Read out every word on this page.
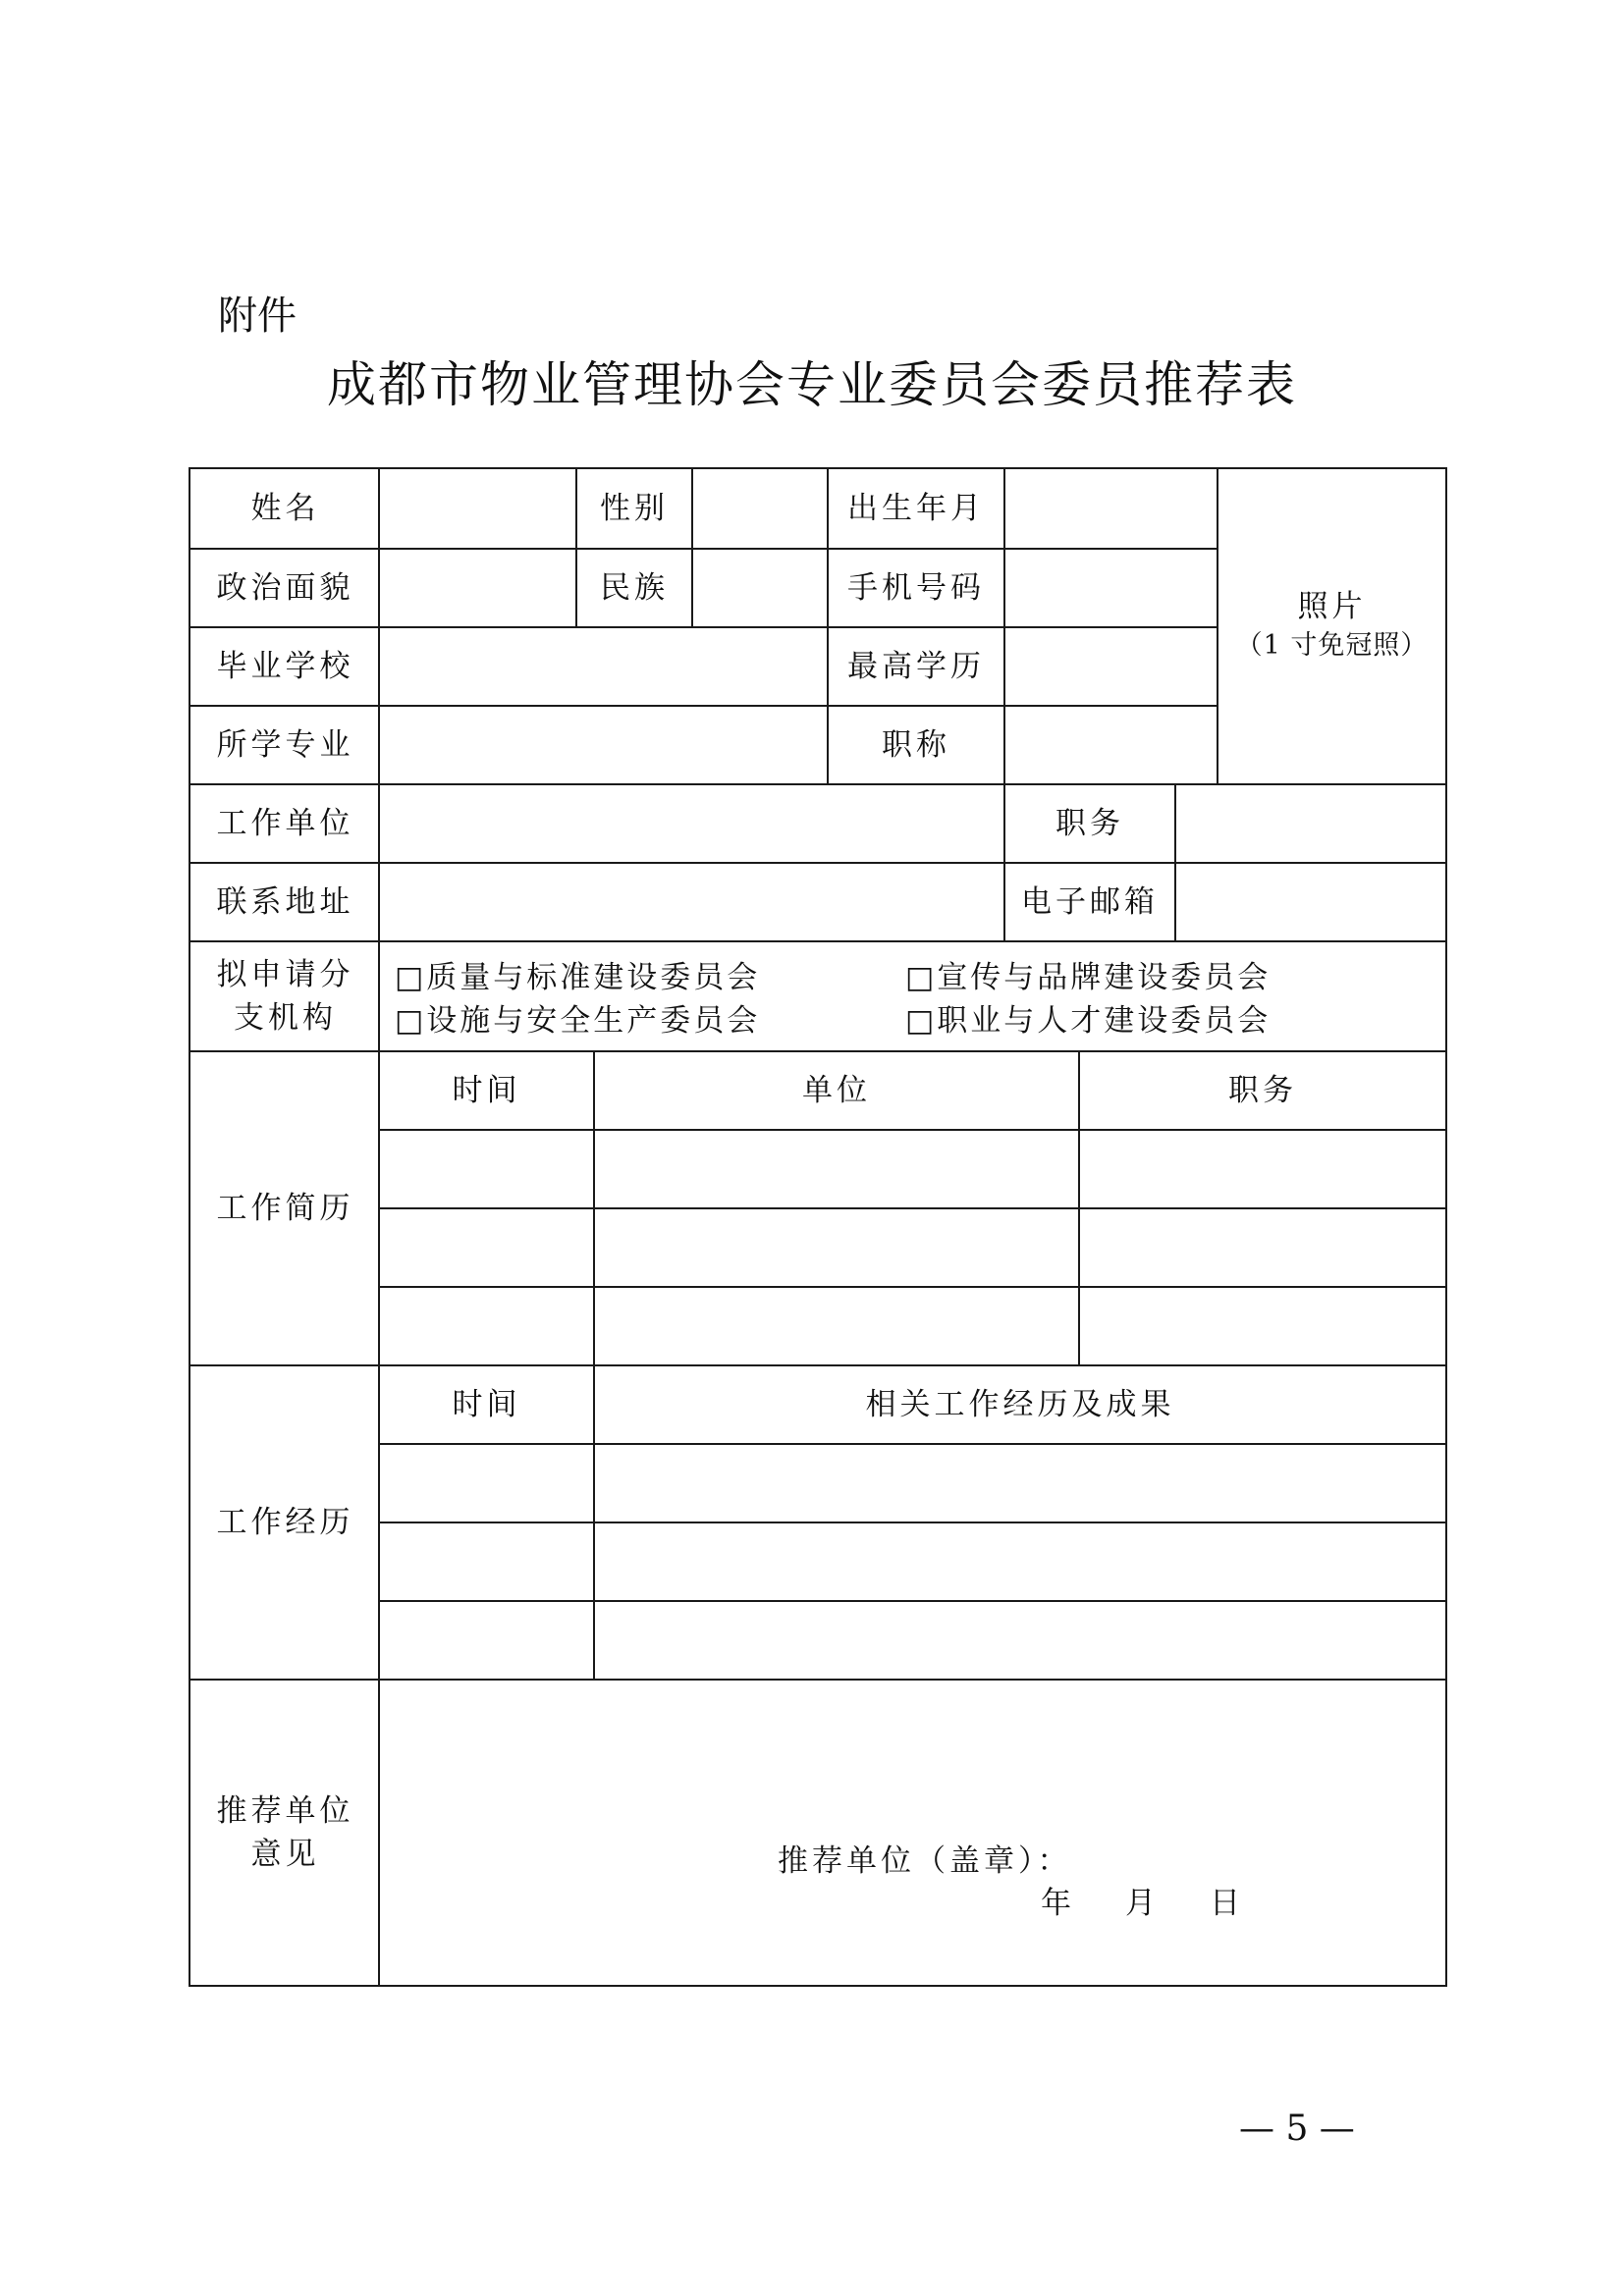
附件
成都市物业管理协会专业委员会委员推荐表
姓名	性别	出生年月
照片
（1 寸免冠照）
政治面貌	民族	手机号码
毕业学校	最高学历
所学专业	职称
工作单位	职务
联系地址	电子邮箱
拟申请分
支机构
□质量与标准建设委员会	□宣传与品牌建设委员会
□设施与安全生产委员会	□职业与人才建设委员会
工作简历
时间	单位	职务
工作经历
时间	相关工作经历及成果
推荐单位
意见	推荐单位（盖章）：
年 月 日
— 5 —
